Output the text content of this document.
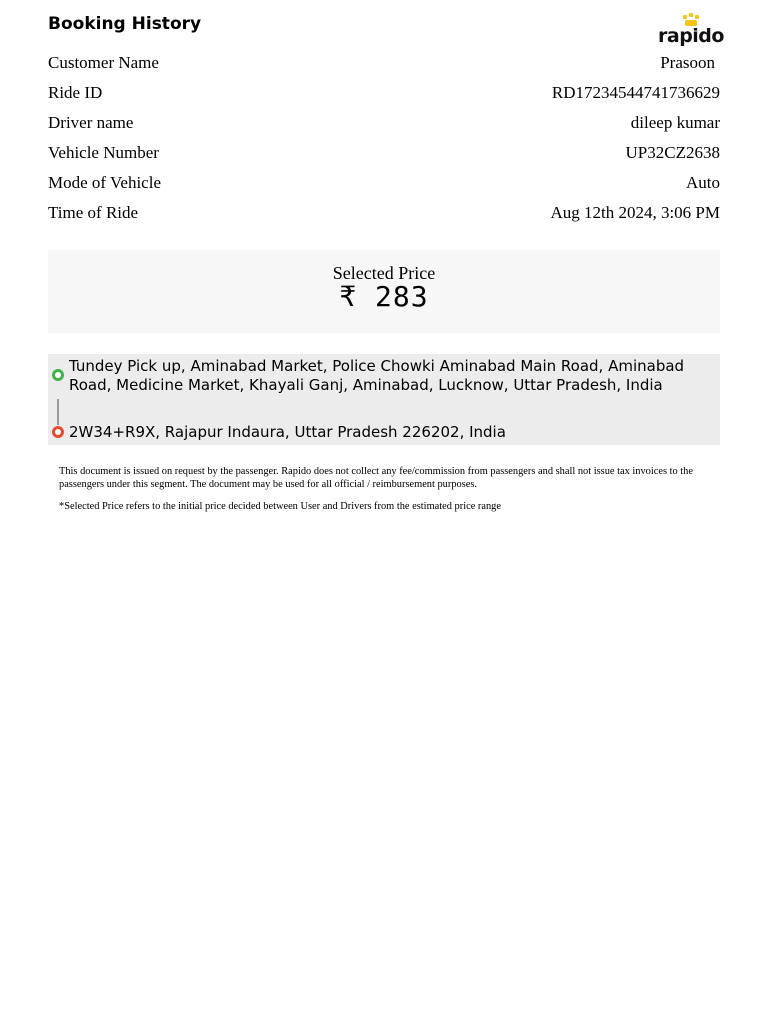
Booking History
rapido
Customer Name	Prasoon
Ride ID	RD17234544741736629
Driver name	dileep kumar
Vehicle Number	UP32CZ2638
Mode of Vehicle	Auto
Time of Ride	Aug 12th 2024, 3:06 PM
Selected Price
₹ 283
Tundey Pick up, Aminabad Market, Police Chowki Aminabad Main Road, Aminabad Road, Medicine Market, Khayali Ganj, Aminabad, Lucknow, Uttar Pradesh, India
2W34+R9X, Rajapur Indaura, Uttar Pradesh 226202, India
This document is issued on request by the passenger. Rapido does not collect any fee/commission from passengers and shall not issue tax invoices to the passengers under this segment. The document may be used for all official / reimbursement purposes.
*Selected Price refers to the initial price decided between User and Drivers from the estimated price range
